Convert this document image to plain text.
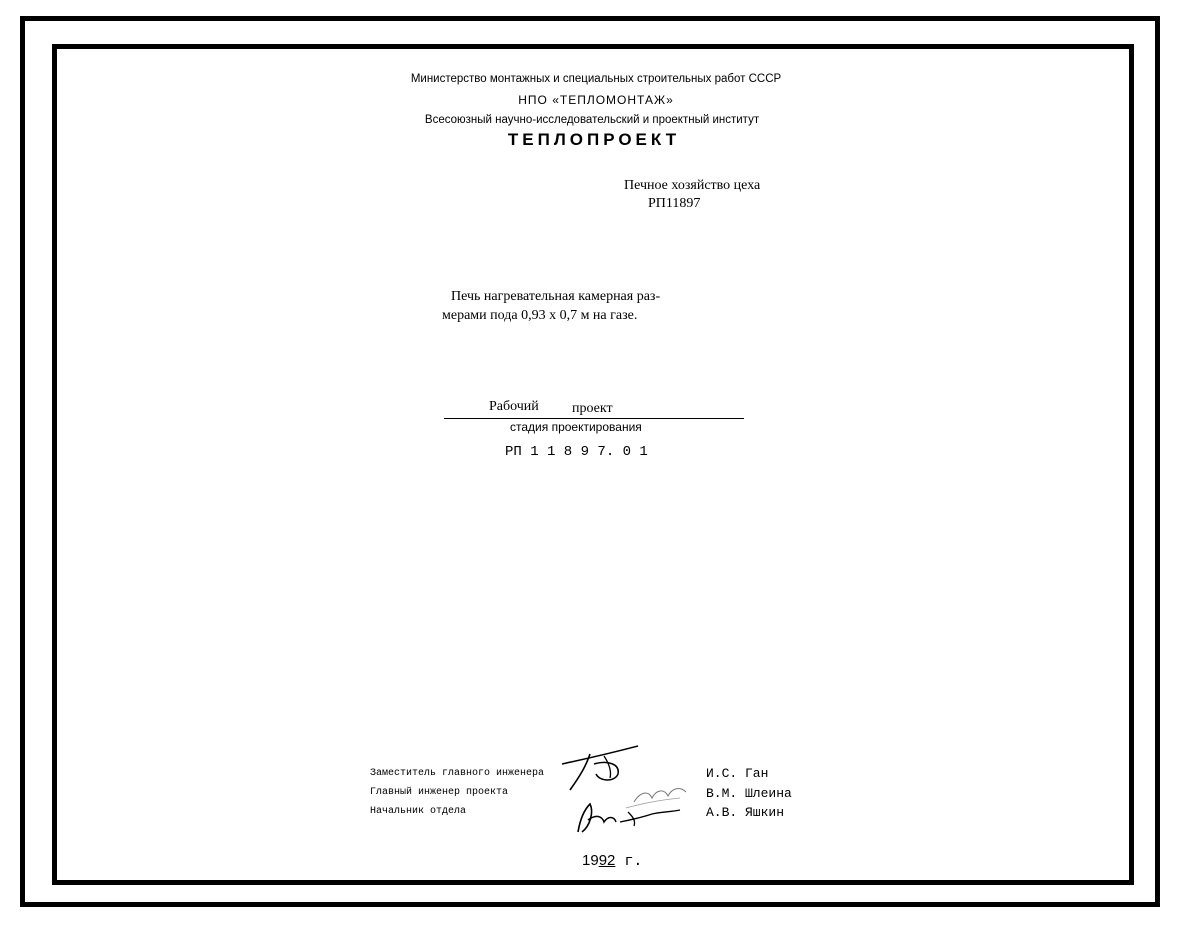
Министерство монтажных и специальных строительных работ СССР
НПО «ТЕПЛОМОНТАЖ»
Всесоюзный научно-исследовательский и проектный институт
ТЕПЛОПРОЕКТ
Печное хозяйство цеха
РП11897
Печь нагревательная камерная раз-
мерами пода 0,93 х 0,7 м на газе.
Рабочий проект
стадия проектирования
РП 1 1 8 9 7. 0 1
Заместитель главного инженера
Главный инженер проекта
Начальник отдела
И.С. Ган
В.М. Шлеина
А.В. Яшкин
1992 г.
